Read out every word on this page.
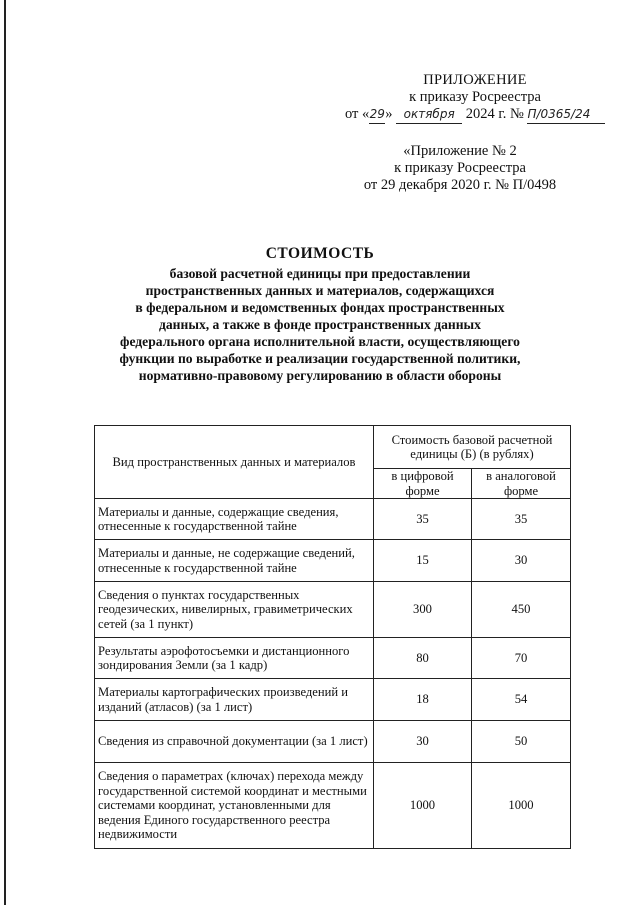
ПРИЛОЖЕНИЕ
к приказу Росреестра
от «29» октября 2024 г. № П/0365/24
«Приложение № 2
к приказу Росреестра
от 29 декабря 2020 г. № П/0498
СТОИМОСТЬ
базовой расчетной единицы при предоставлении
пространственных данных и материалов, содержащихся
в федеральном и ведомственных фондах пространственных
данных, а также в фонде пространственных данных
федерального органа исполнительной власти, осуществляющего
функции по выработке и реализации государственной политики,
нормативно-правовому регулированию в области обороны
Вид пространственных данных и материалов	Стоимость базовой расчетной единицы (Б) (в рублях)	
	в цифровой форме	в аналоговой форме
Материалы и данные, содержащие сведения, отнесенные к государственной тайне	35	35
Материалы и данные, не содержащие сведений, отнесенные к государственной тайне	15	30
Сведения о пунктах государственных геодезических, нивелирных, гравиметрических сетей (за 1 пункт)	300	450
Результаты аэрофотосъемки и дистанционного зондирования Земли (за 1 кадр)	80	70
Материалы картографических произведений и изданий (атласов) (за 1 лист)	18	54
Сведения из справочной документации (за 1 лист)	30	50
Сведения о параметрах (ключах) перехода между государственной системой координат и местными системами координат, установленными для ведения Единого государственного реестра недвижимости	1000	1000
